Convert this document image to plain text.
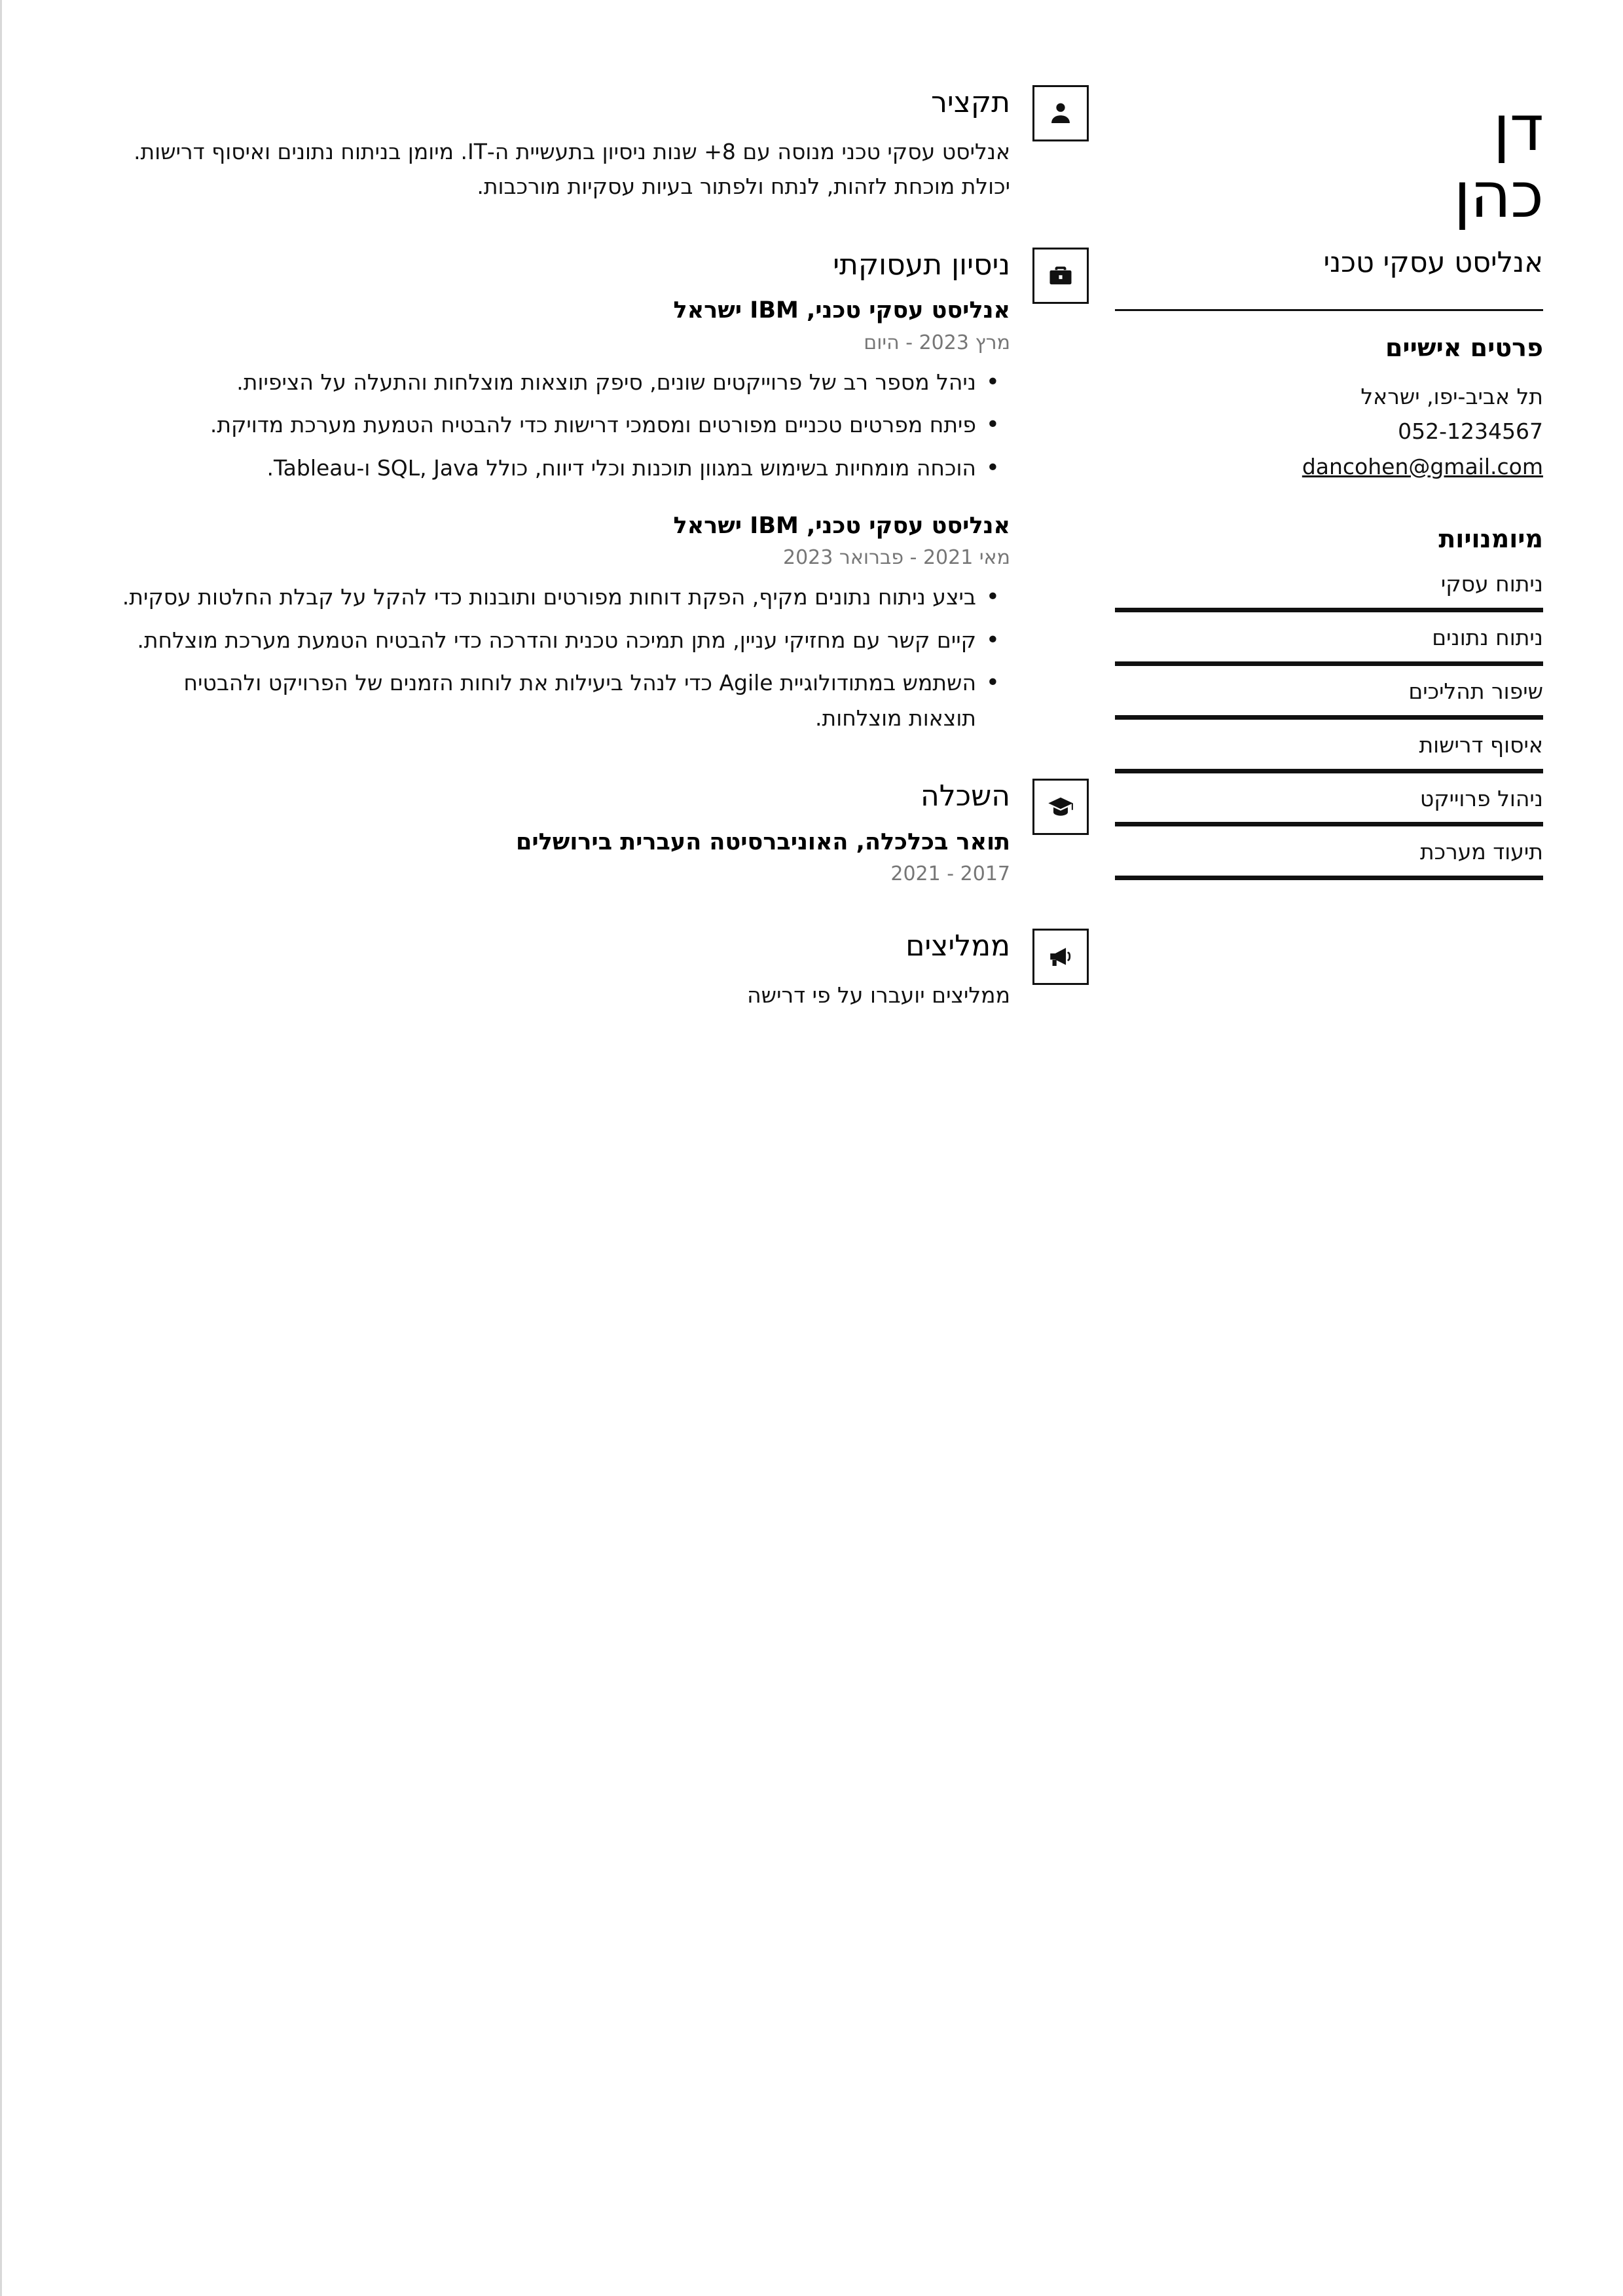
דן
כהן
אנליסט עסקי טכני
פרטים אישיים
תל אביב-יפו, ישראל
052-1234567
dancohen@gmail.com
מיומנויות
ניתוח עסקי
ניתוח נתונים
שיפור תהליכים
איסוף דרישות
ניהול פרוייקט
תיעוד מערכת
תקציר

אנליסט עסקי טכני מנוסה עם 8+ שנות ניסיון בתעשיית ה-IT. מיומן בניתוח נתונים ואיסוף דרישות. יכולת מוכחת לזהות, לנתח ולפתור בעיות עסקיות מורכבות.

ניסיון תעסוקתי
אנליסט עסקי טכני, IBM ישראל
מרץ 2023 - היום
• ניהל מספר רב של פרוייקטים שונים, סיפק תוצאות מוצלחות והתעלה על הציפיות.
• פיתח מפרטים טכניים מפורטים ומסמכי דרישות כדי להבטיח הטמעת מערכת מדויקת.
• הוכחה מומחיות בשימוש במגוון תוכנות וכלי דיווח, כולל SQL, Java ו-Tableau.
אנליסט עסקי טכני, IBM ישראל
מאי 2021 - פברואר 2023
• ביצע ניתוח נתונים מקיף, הפקת דוחות מפורטים ותובנות כדי להקל על קבלת החלטות עסקית.
• קיים קשר עם מחזיקי עניין, מתן תמיכה טכנית והדרכה כדי להבטיח הטמעת מערכת מוצלחת.
• השתמש במתודולוגיית Agile כדי לנהל ביעילות את לוחות הזמנים של הפרויקט ולהבטיח תוצאות מוצלחות.
השכלה
תואר בכלכלה, האוניברסיטה העברית בירושלים
2017 - 2021
ממליצים

ממליצים יועברו על פי דרישה
